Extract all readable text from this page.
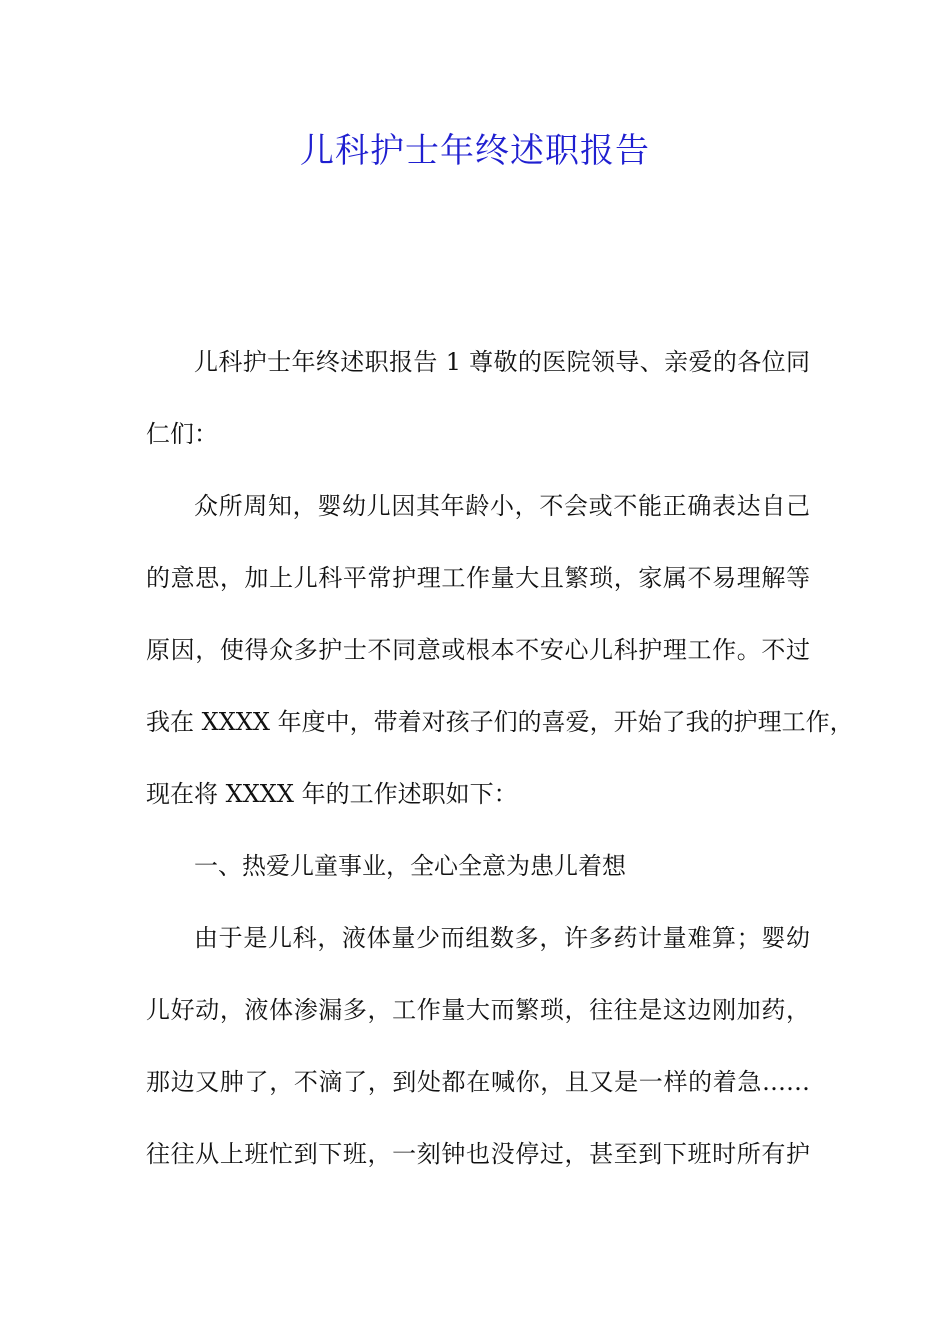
儿科护士年终述职报告
儿科护士年终述职报告 1 尊敬的医院领导、亲爱的各位同
仁们：
众所周知，婴幼儿因其年龄小，不会或不能正确表达自己
的意思，加上儿科平常护理工作量大且繁琐，家属不易理解等
原因，使得众多护士不同意或根本不安心儿科护理工作。不过
我在 XXXX 年度中，带着对孩子们的喜爱，开始了我的护理工作，
现在将 XXXX 年的工作述职如下：
一、热爱儿童事业，全心全意为患儿着想
由于是儿科，液体量少而组数多，许多药计量难算；婴幼
儿好动，液体渗漏多，工作量大而繁琐，往往是这边刚加药，
那边又肿了，不滴了，到处都在喊你，且又是一样的着急……
往往从上班忙到下班，一刻钟也没停过，甚至到下班时所有护
